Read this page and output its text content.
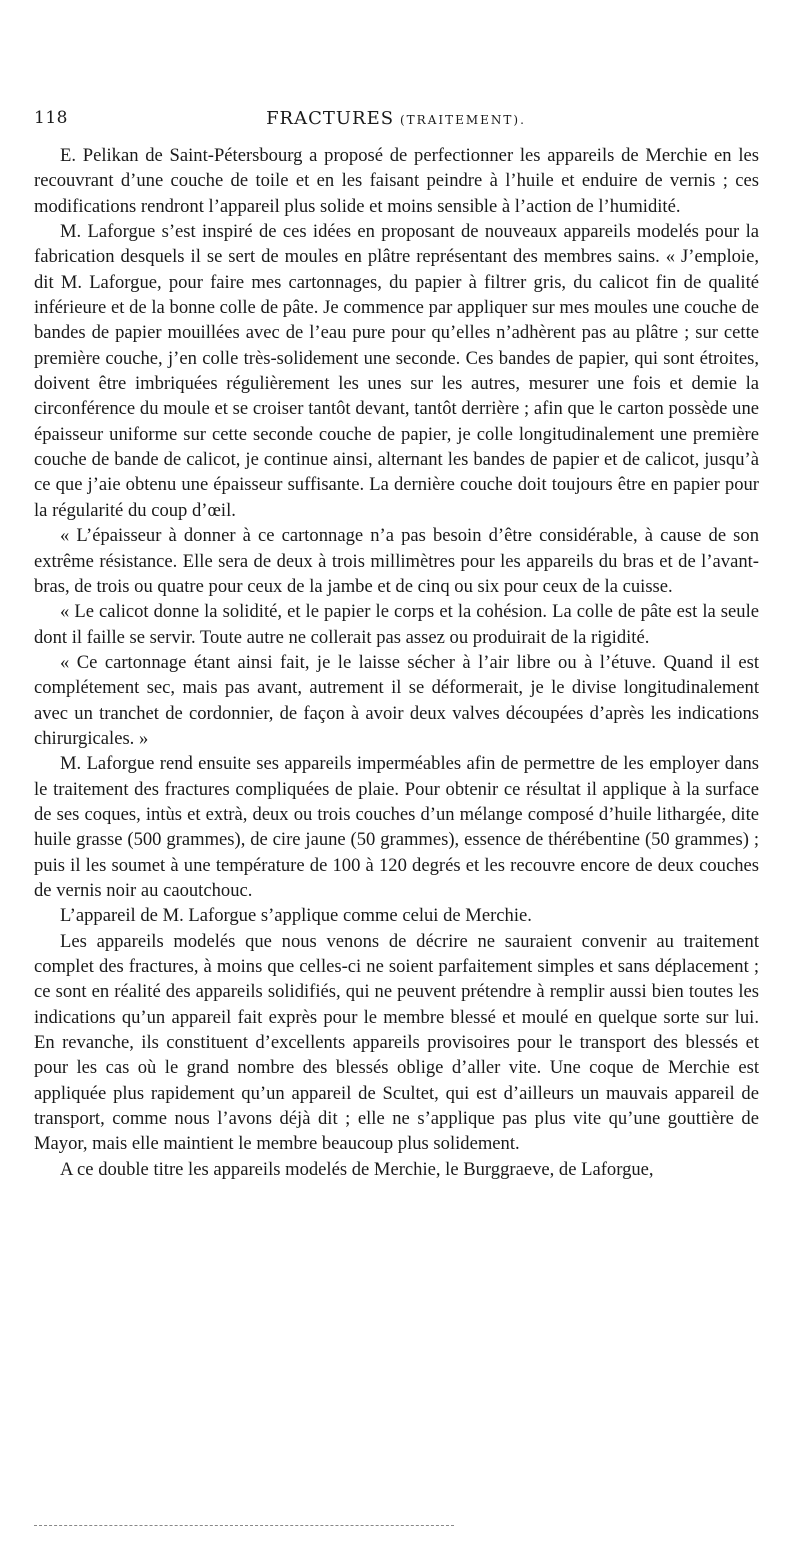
118	FRACTURES (TRAITEMENT).

E. Pelikan de Saint-Pétersbourg a proposé de perfectionner les appareils de Merchie en les recouvrant d’une couche de toile et en les faisant peindre à l’huile et enduire de vernis ; ces modifications rendront l’appareil plus solide et moins sensible à l’action de l’humidité.

M. Laforgue s’est inspiré de ces idées en proposant de nouveaux appareils modelés pour la fabrication desquels il se sert de moules en plâtre représentant des membres sains. « J’emploie, dit M. Laforgue, pour faire mes cartonnages, du papier à filtrer gris, du calicot fin de qualité inférieure et de la bonne colle de pâte. Je commence par appliquer sur mes moules une couche de bandes de papier mouillées avec de l’eau pure pour qu’elles n’adhèrent pas au plâtre ; sur cette première couche, j’en colle très-solidement une seconde. Ces bandes de papier, qui sont étroites, doivent être imbriquées régulièrement les unes sur les autres, mesurer une fois et demie la circonférence du moule et se croiser tantôt devant, tantôt derrière ; afin que le carton possède une épaisseur uniforme sur cette seconde couche de papier, je colle longitudinalement une première couche de bande de calicot, je continue ainsi, alternant les bandes de papier et de calicot, jusqu’à ce que j’aie obtenu une épaisseur suffisante. La dernière couche doit toujours être en papier pour la régularité du coup d’œil.

« L’épaisseur à donner à ce cartonnage n’a pas besoin d’être considérable, à cause de son extrême résistance. Elle sera de deux à trois millimètres pour les appareils du bras et de l’avant-bras, de trois ou quatre pour ceux de la jambe et de cinq ou six pour ceux de la cuisse.

« Le calicot donne la solidité, et le papier le corps et la cohésion. La colle de pâte est la seule dont il faille se servir. Toute autre ne collerait pas assez ou produirait de la rigidité.

« Ce cartonnage étant ainsi fait, je le laisse sécher à l’air libre ou à l’étuve. Quand il est complétement sec, mais pas avant, autrement il se déformerait, je le divise longitudinalement avec un tranchet de cordonnier, de façon à avoir deux valves découpées d’après les indications chirurgicales. »

M. Laforgue rend ensuite ses appareils imperméables afin de permettre de les employer dans le traitement des fractures compliquées de plaie. Pour obtenir ce résultat il applique à la surface de ses coques, intùs et extrà, deux ou trois couches d’un mélange composé d’huile lithargée, dite huile grasse (500 grammes), de cire jaune (50 grammes), essence de thérébentine (50 grammes) ; puis il les soumet à une température de 100 à 120 degrés et les recouvre encore de deux couches de vernis noir au caoutchouc.

L’appareil de M. Laforgue s’applique comme celui de Merchie.

Les appareils modelés que nous venons de décrire ne sauraient convenir au traitement complet des fractures, à moins que celles-ci ne soient parfaitement simples et sans déplacement ; ce sont en réalité des appareils solidifiés, qui ne peuvent prétendre à remplir aussi bien toutes les indications qu’un appareil fait exprès pour le membre blessé et moulé en quelque sorte sur lui. En revanche, ils constituent d’excellents appareils provisoires pour le transport des blessés et pour les cas où le grand nombre des blessés oblige d’aller vite. Une coque de Merchie est appliquée plus rapidement qu’un appareil de Scultet, qui est d’ailleurs un mauvais appareil de transport, comme nous l’avons déjà dit ; elle ne s’applique pas plus vite qu’une gouttière de Mayor, mais elle maintient le membre beaucoup plus solidement.

A ce double titre les appareils modelés de Merchie, le Burggraeve, de Laforgue,
